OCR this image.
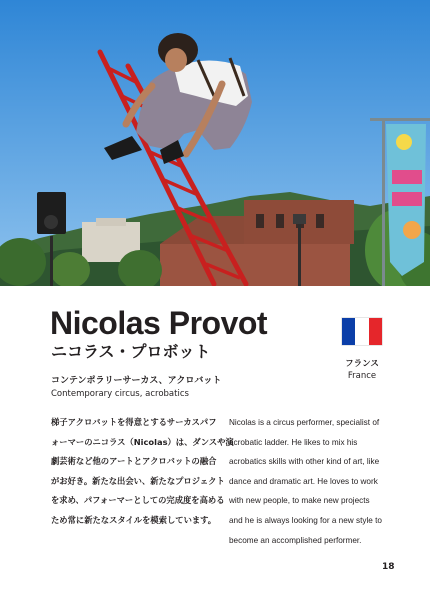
Nicolas Provot
ニコラス・プロボット
コンテンポラリーサーカス、アクロバット
Contemporary circus, acrobatics
フランス
France
梯子アクロバットを得意とするサーカスパフ
ォーマーのニコラス（Nicolas）は、ダンスや演
劇芸術など他のアートとアクロバットの融合
がお好き。新たな出会い、新たなプロジェクト
を求め、パフォーマーとしての完成度を高める
ため常に新たなスタイルを模索しています。
Nicolas is a circus performer, specialist of
acrobatic ladder. He likes to mix his
acrobatics skills with other kind of art, like
dance and dramatic art. He loves to work
with new people, to make new projects
and he is always looking for a new style to
become an accomplished performer.
18
